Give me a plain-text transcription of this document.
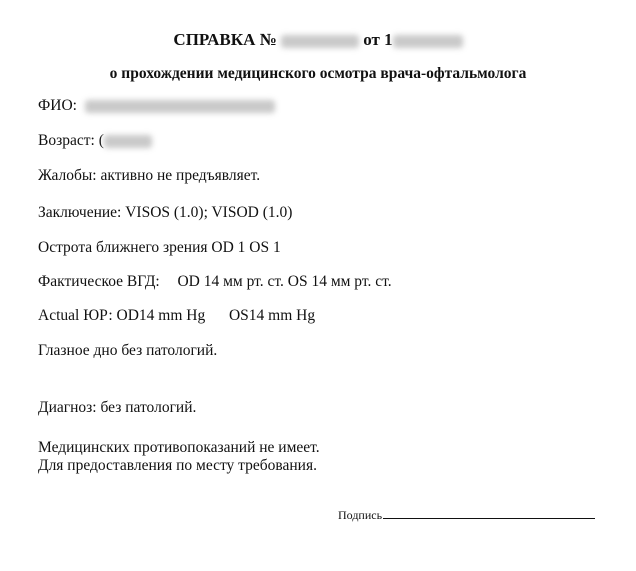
СПРАВКА №	от 1
о прохождении медицинского осмотра врача-офтальмолога
ФИО:
Возраст: (
Жалобы: активно не предъявляет.
Заключение: VISOS (1.0); VISOD (1.0)
Острота ближнего зрения OD 1 OS 1
Фактическое ВГД: OD 14 мм рт. ст. OS 14 мм рт. ст.
Actual ЮР: OD14 mm Hg OS14 mm Hg
Глазное дно без патологий.
Диагноз: без патологий.
Медицинских противопоказаний не имеет.
Для предоставления по месту требования.
Подпись
